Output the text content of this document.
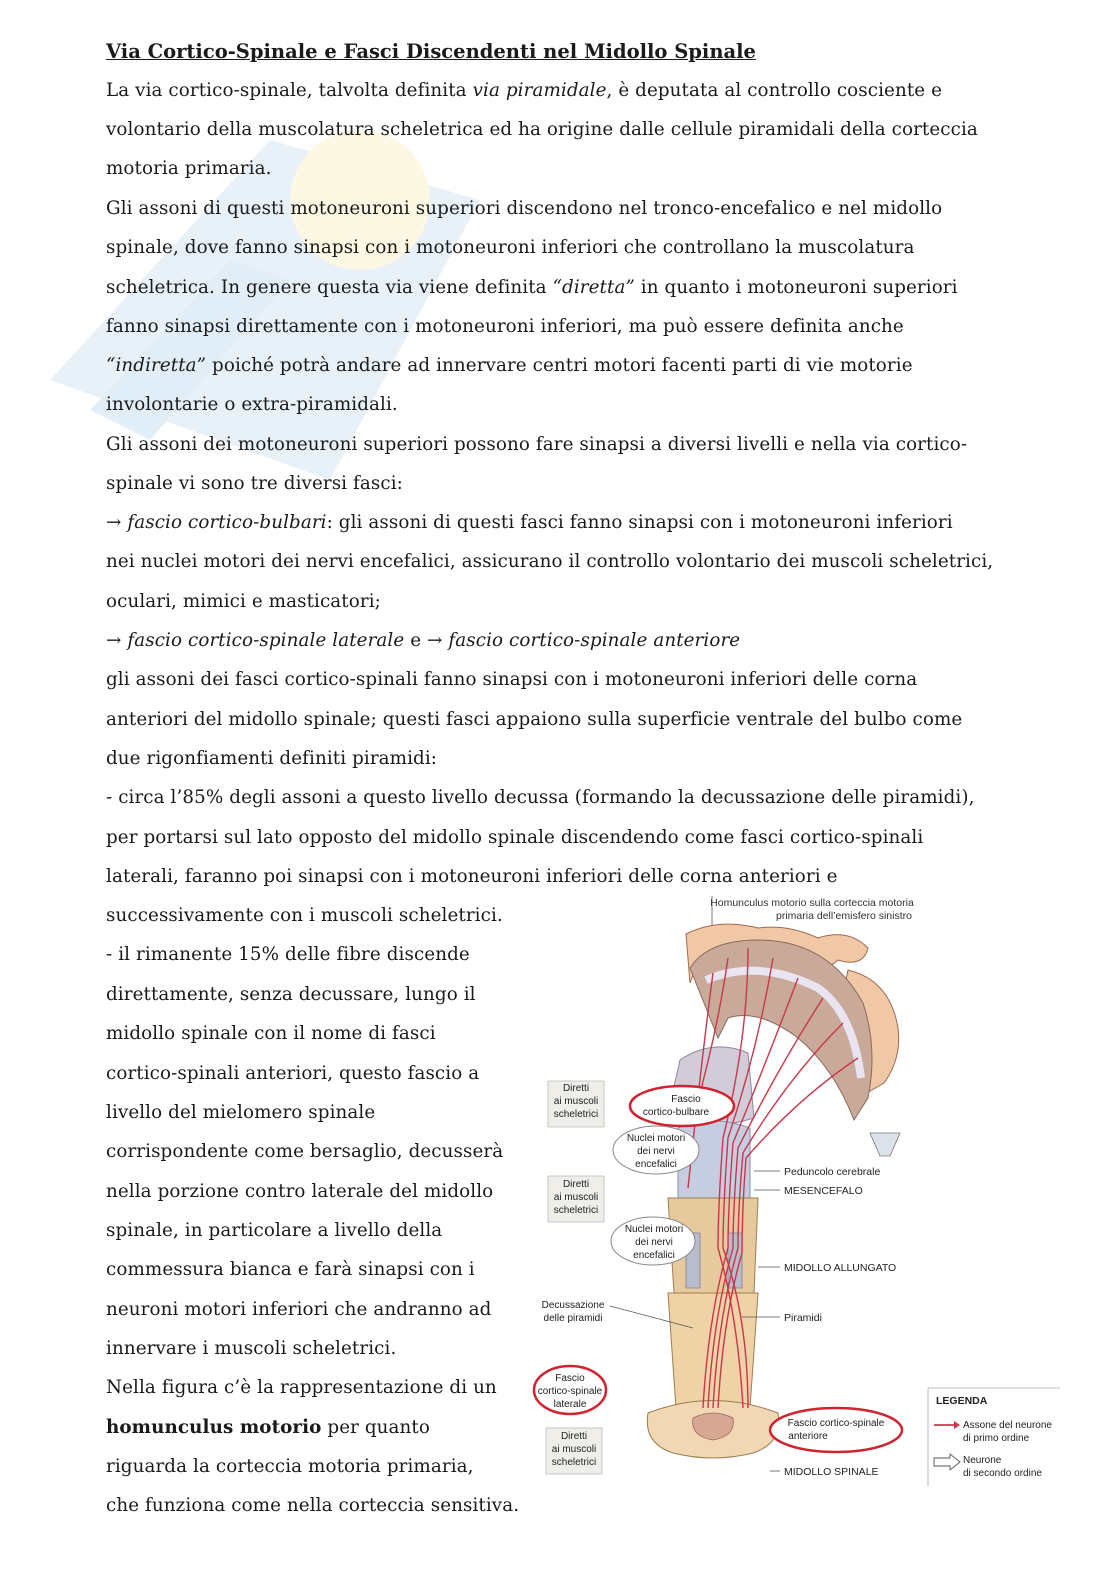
Via Cortico-Spinale e Fasci Discendenti nel Midollo Spinale
La via cortico-spinale, talvolta definita via piramidale, è deputata al controllo cosciente e
volontario della muscolatura scheletrica ed ha origine dalle cellule piramidali della corteccia
motoria primaria.
Gli assoni di questi motoneuroni superiori discendono nel tronco-encefalico e nel midollo
spinale, dove fanno sinapsi con i motoneuroni inferiori che controllano la muscolatura
scheletrica. In genere questa via viene definita “diretta” in quanto i motoneuroni superiori
fanno sinapsi direttamente con i motoneuroni inferiori, ma può essere definita anche
“indiretta” poiché potrà andare ad innervare centri motori facenti parti di vie motorie
involontarie o extra-piramidali.
Gli assoni dei motoneuroni superiori possono fare sinapsi a diversi livelli e nella via cortico-
spinale vi sono tre diversi fasci:
→ fascio cortico-bulbari: gli assoni di questi fasci fanno sinapsi con i motoneuroni inferiori
nei nuclei motori dei nervi encefalici, assicurano il controllo volontario dei muscoli scheletrici,
oculari, mimici e masticatori;
→ fascio cortico-spinale laterale e → fascio cortico-spinale anteriore
gli assoni dei fasci cortico-spinali fanno sinapsi con i motoneuroni inferiori delle corna
anteriori del midollo spinale; questi fasci appaiono sulla superficie ventrale del bulbo come
due rigonfiamenti definiti piramidi:
- circa l’85% degli assoni a questo livello decussa (formando la decussazione delle piramidi),
per portarsi sul lato opposto del midollo spinale discendendo come fasci cortico-spinali
laterali, faranno poi sinapsi con i motoneuroni inferiori delle corna anteriori e
successivamente con i muscoli scheletrici.
- il rimanente 15% delle fibre discende
direttamente, senza decussare, lungo il
midollo spinale con il nome di fasci
cortico-spinali anteriori, questo fascio a
livello del mielomero spinale
corrispondente come bersaglio, decusserà
nella porzione contro laterale del midollo
spinale, in particolare a livello della
commessura bianca e farà sinapsi con i
neuroni motori inferiori che andranno ad
innervare i muscoli scheletrici.
Nella figura c’è la rappresentazione di un
homunculus motorio per quanto
riguarda la corteccia motoria primaria,
che funziona come nella corteccia sensitiva.
Homunculus motorio sulla corteccia motoria
primaria dell’emisfero sinistro
Diretti
ai muscoli
scheletrici
Fascio
cortico-bulbare
Nuclei motori
dei nervi
encefalici
Diretti
ai muscoli
scheletrici
Nuclei motori
dei nervi
encefalici
Decussazione
delle piramidi
Fascio
cortico-spinale
laterale
Diretti
ai muscoli
scheletrici
Peduncolo cerebrale
MESENCEFALO
MIDOLLO ALLUNGATO
Piramidi
Fascio cortico-spinale
anteriore
MIDOLLO SPINALE
LEGENDA
Assone del neurone
di primo ordine
Neurone
di secondo ordine
